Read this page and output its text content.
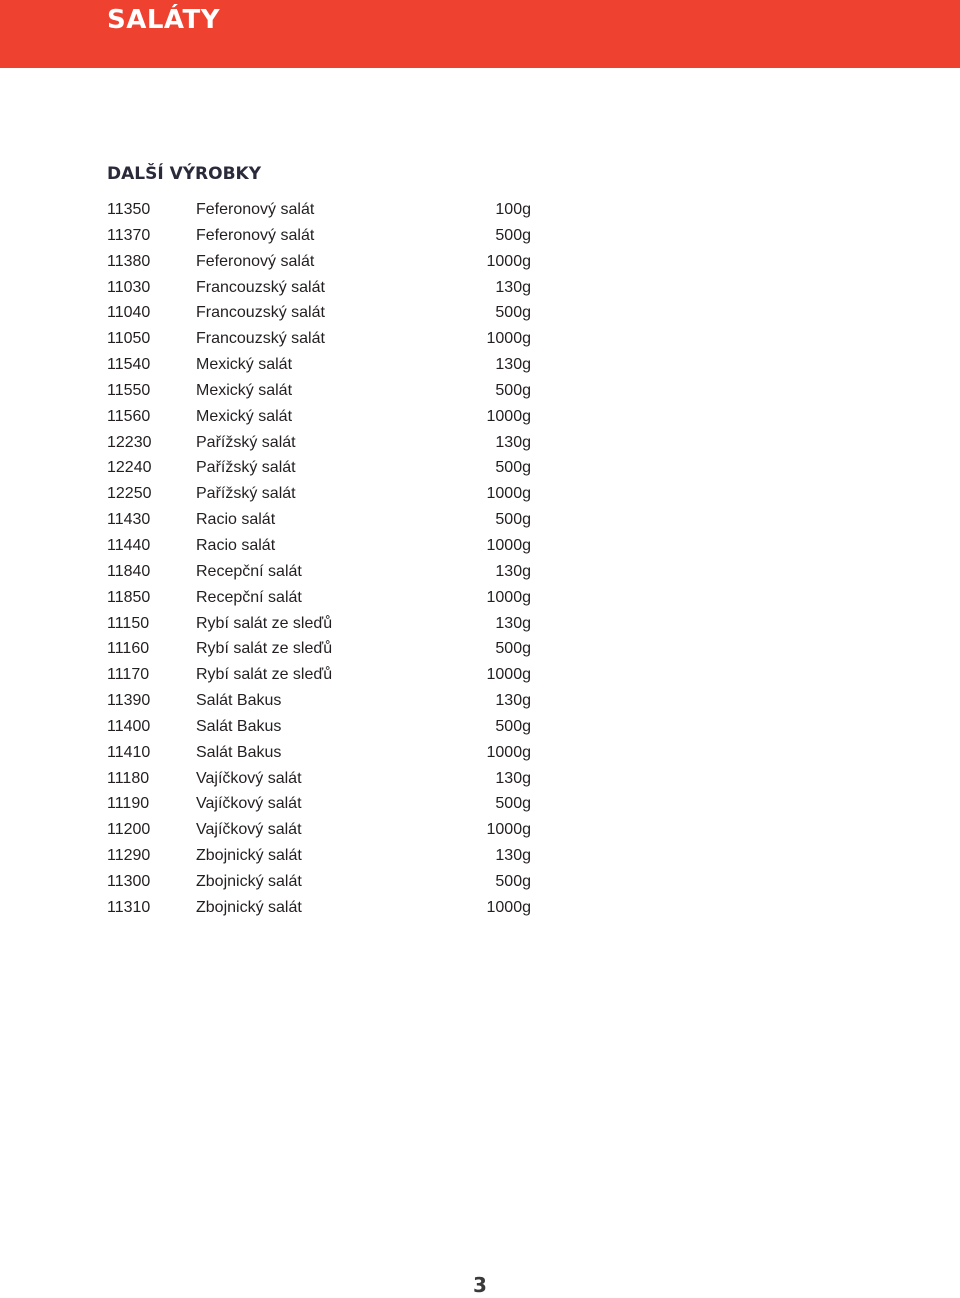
SALÁTY
DALŠÍ VÝROBKY
11350	Feferonový salát	100g
11370	Feferonový salát	500g
11380	Feferonový salát	1000g
11030	Francouzský salát	130g
11040	Francouzský salát	500g
11050	Francouzský salát	1000g
11540	Mexický salát	130g
11550	Mexický salát	500g
11560	Mexický salát	1000g
12230	Pařížský salát	130g
12240	Pařížský salát	500g
12250	Pařížský salát	1000g
11430	Racio salát	500g
11440	Racio salát	1000g
11840	Recepční salát	130g
11850	Recepční salát	1000g
11150	Rybí salát ze sleďů	130g
11160	Rybí salát ze sleďů	500g
11170	Rybí salát ze sleďů	1000g
11390	Salát Bakus	130g
11400	Salát Bakus	500g
11410	Salát Bakus	1000g
11180	Vajíčkový salát	130g
11190	Vajíčkový salát	500g
11200	Vajíčkový salát	1000g
11290	Zbojnický salát	130g
11300	Zbojnický salát	500g
11310	Zbojnický salát	1000g
3
